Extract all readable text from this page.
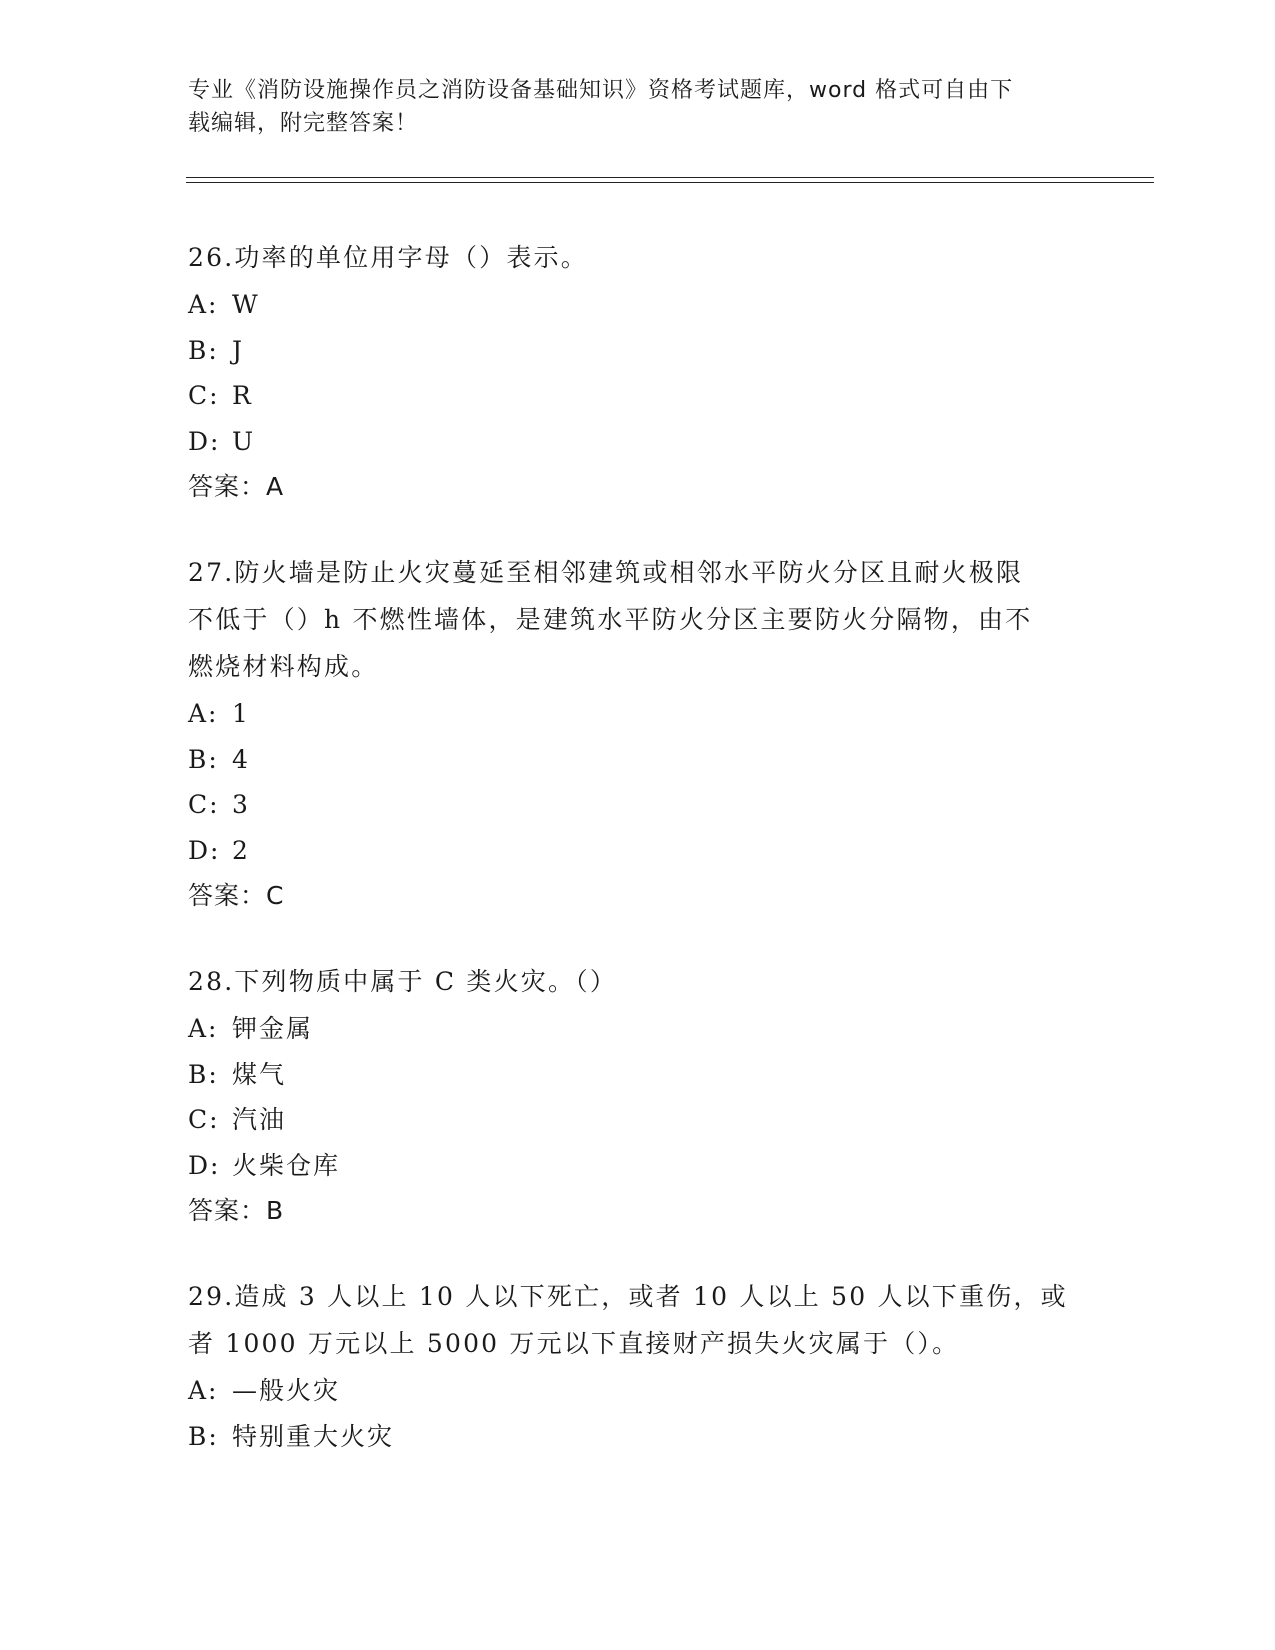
专业《消防设施操作员之消防设备基础知识》资格考试题库，word 格式可自由下
载编辑，附完整答案！
26.功率的单位用字母（）表示。
A: W
B: J
C: R
D: U
答案：A
27.防火墙是防止火灾蔓延至相邻建筑或相邻水平防火分区且耐火极限
不低于（）h 不燃性墙体，是建筑水平防火分区主要防火分隔物，由不
燃烧材料构成。
A: 1
B: 4
C: 3
D: 2
答案：C
28.下列物质中属于 C 类火灾。（）
A: 钾金属
B: 煤气
C: 汽油
D: 火柴仓库
答案：B
29.造成 3 人以上 10 人以下死亡，或者 10 人以上 50 人以下重伤，或
者 1000 万元以上 5000 万元以下直接财产损失火灾属于（）。
A: —般火灾
B: 特别重大火灾
